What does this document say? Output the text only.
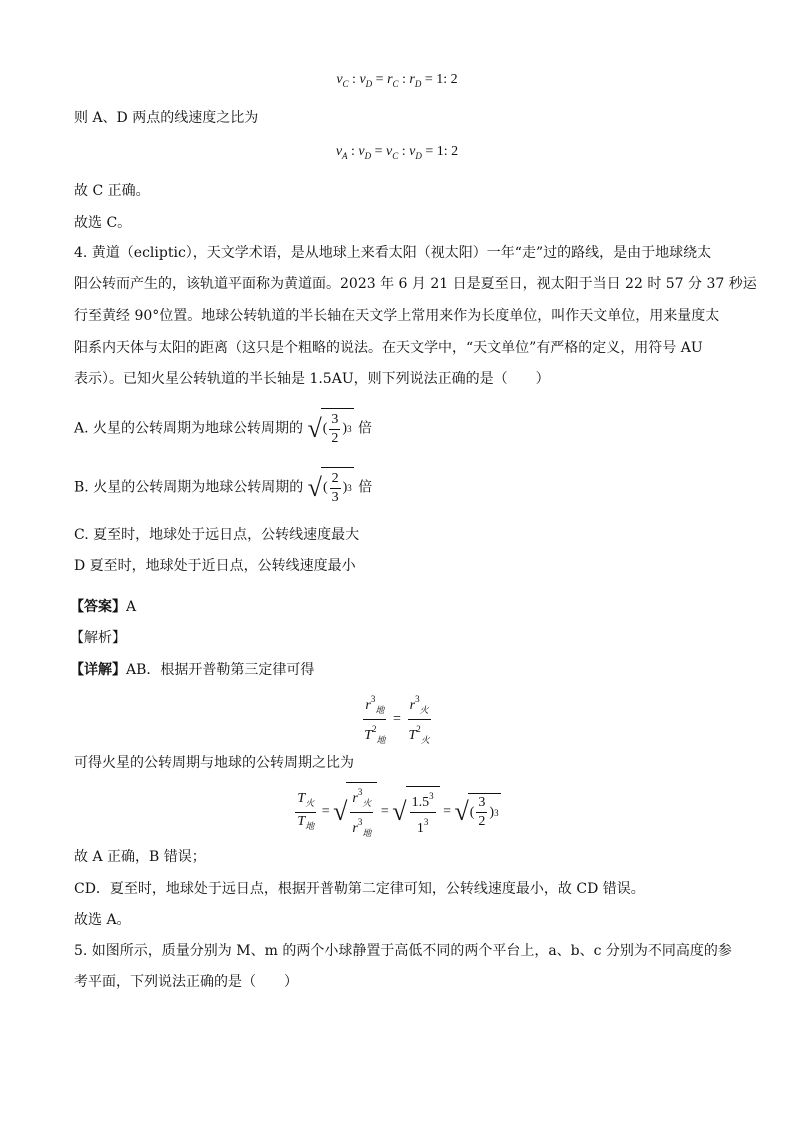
$v_C$ : $v_D = r_C$ : $r_D = 1$: 2
则 A、D 两点的线速度之比为
$v_A$ : $v_D = v_C$ : $v_D = 1$: 2
故 C 正确。
故选 C。
4. 黄道（ecliptic），天文学术语，是从地球上来看太阳（视太阳）一年“走”过的路线，是由于地球绕太
阳公转而产生的，该轨道平面称为黄道面。2023 年 6 月 21 日是夏至日，视太阳于当日 22 时 57 分 37 秒运
行至黄经 90°位置。地球公转轨道的半长轴在天文学上常用来作为长度单位，叫作天文单位，用来量度太
阳系内天体与太阳的距离（这只是个粗略的说法。在天文学中，“天文单位”有严格的定义，用符号 AU
表示）。已知火星公转轨道的半长轴是 1.5AU，则下列说法正确的是（　　）
A. 火星的公转周期为地球公转周期的 √ ( $\frac{3}{2}$ ) 3 倍
B. 火星的公转周期为地球公转周期的 √ ( $\frac{2}{3}$ ) 3 倍
C. 夏至时，地球处于远日点，公转线速度最大
D 夏至时，地球处于近日点，公转线速度最小
【答案】A
【解析】
【详解】AB．根据开普勒第三定律可得
$\frac{r^3_地}{T^2_地} = \frac{r^3_火}{T^2_火}$
可得火星的公转周期与地球的公转周期之比为
$\frac{T_火}{T_地}$ = √ $\frac{r^3_火}{r^3_地}$ = √ $\frac{1.5^3}{1^3}$ = √ ( $\frac{3}{2}$ ) 3
故 A 正确，B 错误；
CD．夏至时，地球处于远日点，根据开普勒第二定律可知，公转线速度最小，故 CD 错误。
故选 A。
5. 如图所示，质量分别为 M、m 的两个小球静置于高低不同的两个平台上，a、b、c 分别为不同高度的参
考平面，下列说法正确的是（　　）
